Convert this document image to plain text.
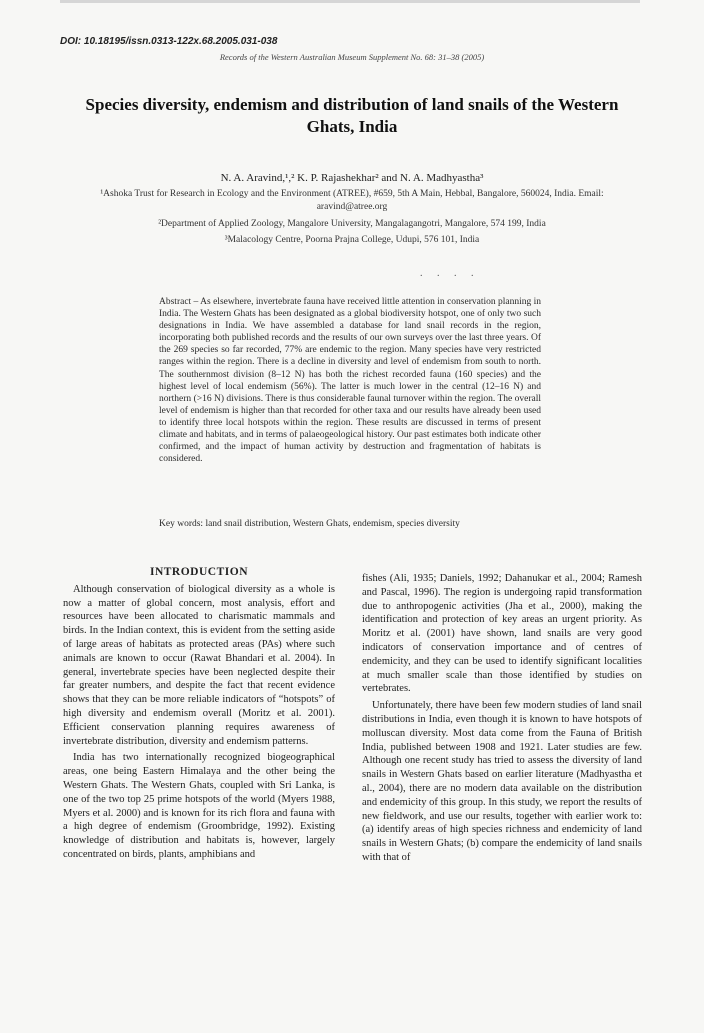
DOI: 10.18195/issn.0313-122x.68.2005.031-038
Records of the Western Australian Museum Supplement No. 68: 31–38 (2005)
Species diversity, endemism and distribution of land snails of the Western Ghats, India
N. A. Aravind,¹,² K. P. Rajashekhar² and N. A. Madhyastha³
¹Ashoka Trust for Research in Ecology and the Environment (ATREE), #659, 5th A Main, Hebbal, Bangalore, 560024, India. Email: aravind@atree.org
²Department of Applied Zoology, Mangalore University, Mangalagangotri, Mangalore, 574 199, India
³Malacology Centre, Poorna Prajna College, Udupi, 576 101, India
. . . .

Abstract – As elsewhere, invertebrate fauna have received little attention in conservation planning in India. The Western Ghats has been designated as a global biodiversity hotspot, one of only two such designations in India. We have assembled a database for land snail records in the region, incorporating both published records and the results of our own surveys over the last three years. Of the 269 species so far recorded, 77% are endemic to the region. Many species have very restricted ranges within the region. There is a decline in diversity and level of endemism from south to north. The southernmost division (8–12 N) has both the richest recorded fauna (160 species) and the highest level of local endemism (56%). The latter is much lower in the central (12–16 N) and northern (>16 N) divisions. There is thus considerable faunal turnover within the region. The overall level of endemism is higher than that recorded for other taxa and our results have already been used to identify three local hotspots within the region. These results are discussed in terms of present climate and habitats, and in terms of palaeogeological history. Our past estimates both indicate other confirmed, and the impact of human activity by destruction and fragmentation of habitats is considered.

Key words: land snail distribution, Western Ghats, endemism, species diversity

INTRODUCTION

Although conservation of biological diversity as a whole is now a matter of global concern, most analysis, effort and resources have been allocated to charismatic mammals and birds. In the Indian context, this is evident from the setting aside of large areas of habitats as protected areas (PAs) where such animals are known to occur (Rawat Bhandari et al. 2004). In general, invertebrate species have been neglected despite their far greater numbers, and despite the fact that recent evidence shows that they can be more reliable indicators of “hotspots” of high diversity and endemism overall (Moritz et al. 2001). Efficient conservation planning requires awareness of invertebrate distribution, diversity and endemism patterns.

India has two internationally recognized biogeographical areas, one being Eastern Himalaya and the other being the Western Ghats. The Western Ghats, coupled with Sri Lanka, is one of the two top 25 prime hotspots of the world (Myers 1988, Myers et al. 2000) and is known for its rich flora and fauna with a high degree of endemism (Groombridge, 1992). Existing knowledge of distribution and habitats is, however, largely concentrated on birds, plants, amphibians and

fishes (Ali, 1935; Daniels, 1992; Dahanukar et al., 2004; Ramesh and Pascal, 1996). The region is undergoing rapid transformation due to anthropogenic activities (Jha et al., 2000), making the identification and protection of key areas an urgent priority. As Moritz et al. (2001) have shown, land snails are very good indicators of conservation importance and of centres of endemicity, and they can be used to identify significant localities at much smaller scale than those identified by studies on vertebrates.

Unfortunately, there have been few modern studies of land snail distributions in India, even though it is known to have hotspots of molluscan diversity. Most data come from the Fauna of British India, published between 1908 and 1921. Later studies are few. Although one recent study has tried to assess the diversity of land snails in Western Ghats based on earlier literature (Madhyastha et al., 2004), there are no modern data available on the distribution and endemicity of this group. In this study, we report the results of new fieldwork, and use our results, together with earlier work to: (a) identify areas of high species richness and endemicity of land snails in Western Ghats; (b) compare the endemicity of land snails with that of
